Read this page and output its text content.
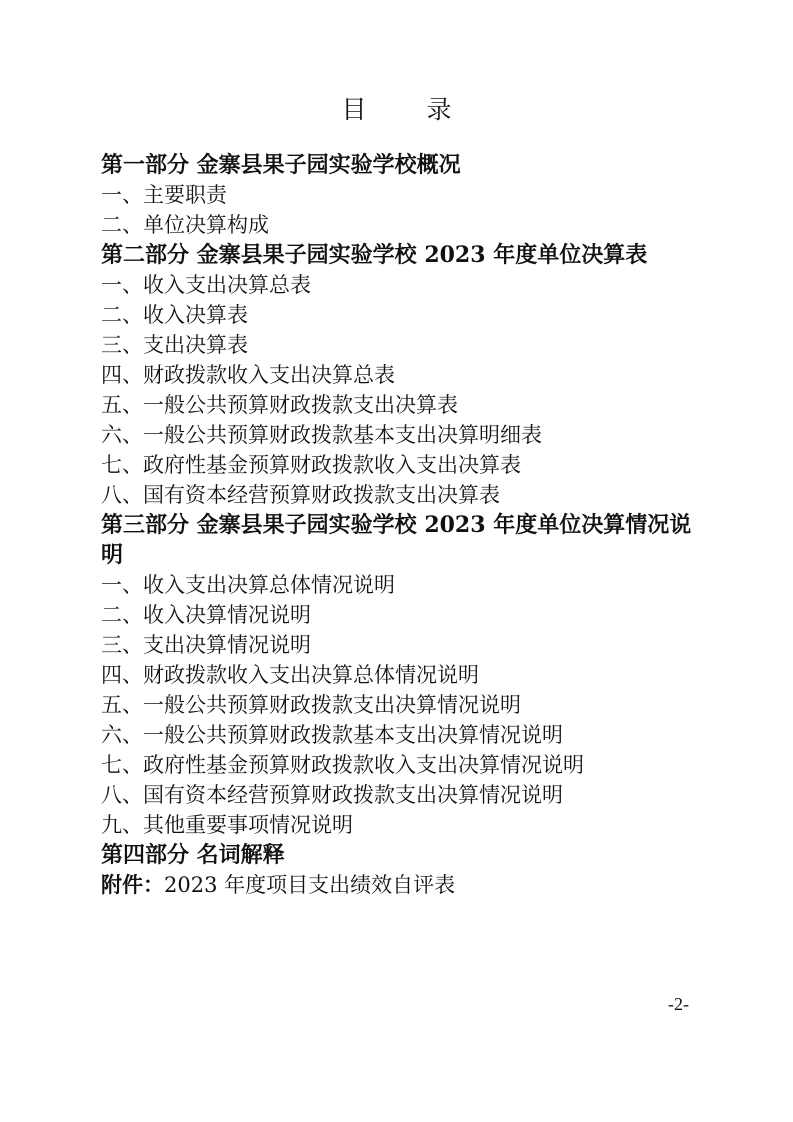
目 录
第一部分 金寨县果子园实验学校概况
一、主要职责
二、单位决算构成
第二部分 金寨县果子园实验学校 2023 年度单位决算表
一、收入支出决算总表
二、收入决算表
三、支出决算表
四、财政拨款收入支出决算总表
五、一般公共预算财政拨款支出决算表
六、一般公共预算财政拨款基本支出决算明细表
七、政府性基金预算财政拨款收入支出决算表
八、国有资本经营预算财政拨款支出决算表
第三部分 金寨县果子园实验学校 2023 年度单位决算情况说明
一、收入支出决算总体情况说明
二、收入决算情况说明
三、支出决算情况说明
四、财政拨款收入支出决算总体情况说明
五、一般公共预算财政拨款支出决算情况说明
六、一般公共预算财政拨款基本支出决算情况说明
七、政府性基金预算财政拨款收入支出决算情况说明
八、国有资本经营预算财政拨款支出决算情况说明
九、其他重要事项情况说明
第四部分 名词解释
附件：2023 年度项目支出绩效自评表
-2-
